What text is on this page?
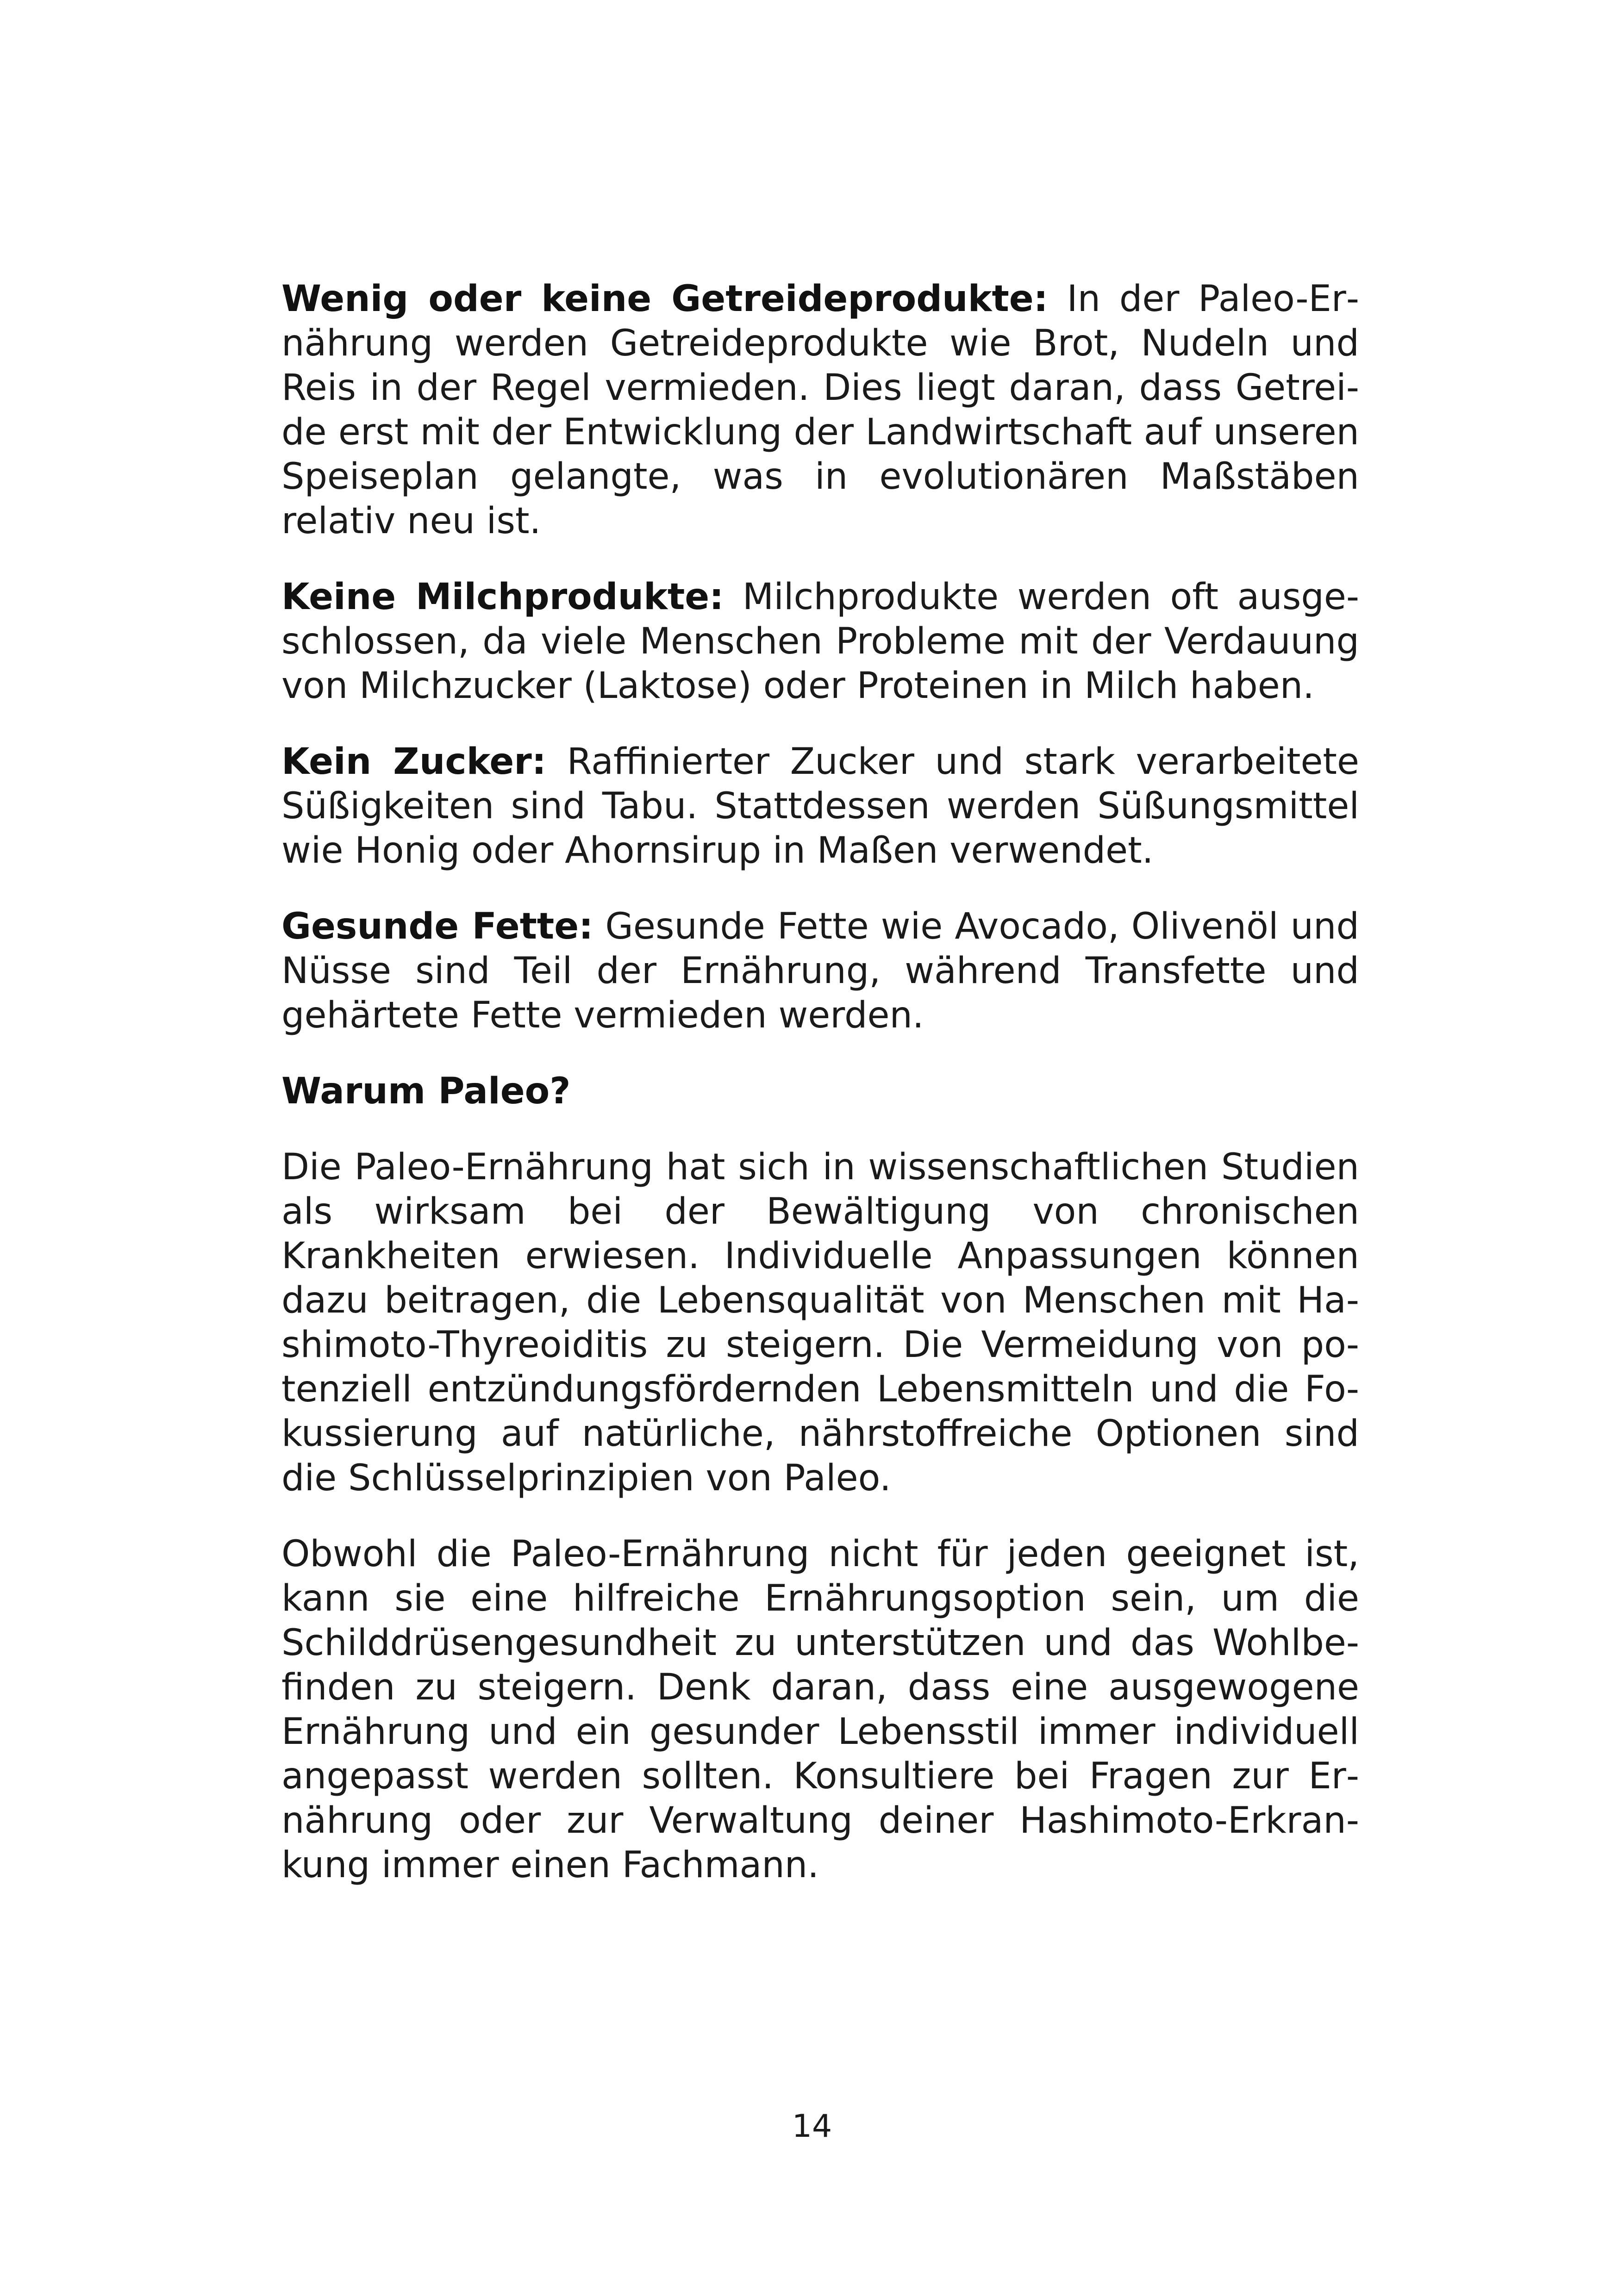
Wenig oder keine Getreideprodukte: In der Paleo-Ernährung werden Getreideprodukte wie Brot, Nudeln und Reis in der Regel vermieden. Dies liegt daran, dass Getreide erst mit der Entwicklung der Landwirtschaft auf unseren Speiseplan gelangte, was in evolutionären Maßstäben relativ neu ist.

Keine Milchprodukte: Milchprodukte werden oft ausgeschlossen, da viele Menschen Probleme mit der Verdauung von Milchzucker (Laktose) oder Proteinen in Milch haben.

Kein Zucker: Raffinierter Zucker und stark verarbeitete Süßigkeiten sind Tabu. Stattdessen werden Süßungsmittel wie Honig oder Ahornsirup in Maßen verwendet.

Gesunde Fette: Gesunde Fette wie Avocado, Olivenöl und Nüsse sind Teil der Ernährung, während Transfette und gehärtete Fette vermieden werden.

Warum Paleo?

Die Paleo-Ernährung hat sich in wissenschaftlichen Studien als wirksam bei der Bewältigung von chronischen Krankheiten erwiesen. Individuelle Anpassungen können dazu beitragen, die Lebensqualität von Menschen mit Hashimoto-Thyreoiditis zu steigern. Die Vermeidung von potenziell entzündungsfördernden Lebensmitteln und die Fokussierung auf natürliche, nährstoffreiche Optionen sind die Schlüsselprinzipien von Paleo.

Obwohl die Paleo-Ernährung nicht für jeden geeignet ist, kann sie eine hilfreiche Ernährungsoption sein, um die Schilddrüsengesundheit zu unterstützen und das Wohlbefinden zu steigern. Denk daran, dass eine ausgewogene Ernährung und ein gesunder Lebensstil immer individuell angepasst werden sollten. Konsultiere bei Fragen zur Ernährung oder zur Verwaltung deiner Hashimoto-Erkrankung immer einen Fachmann.

14
